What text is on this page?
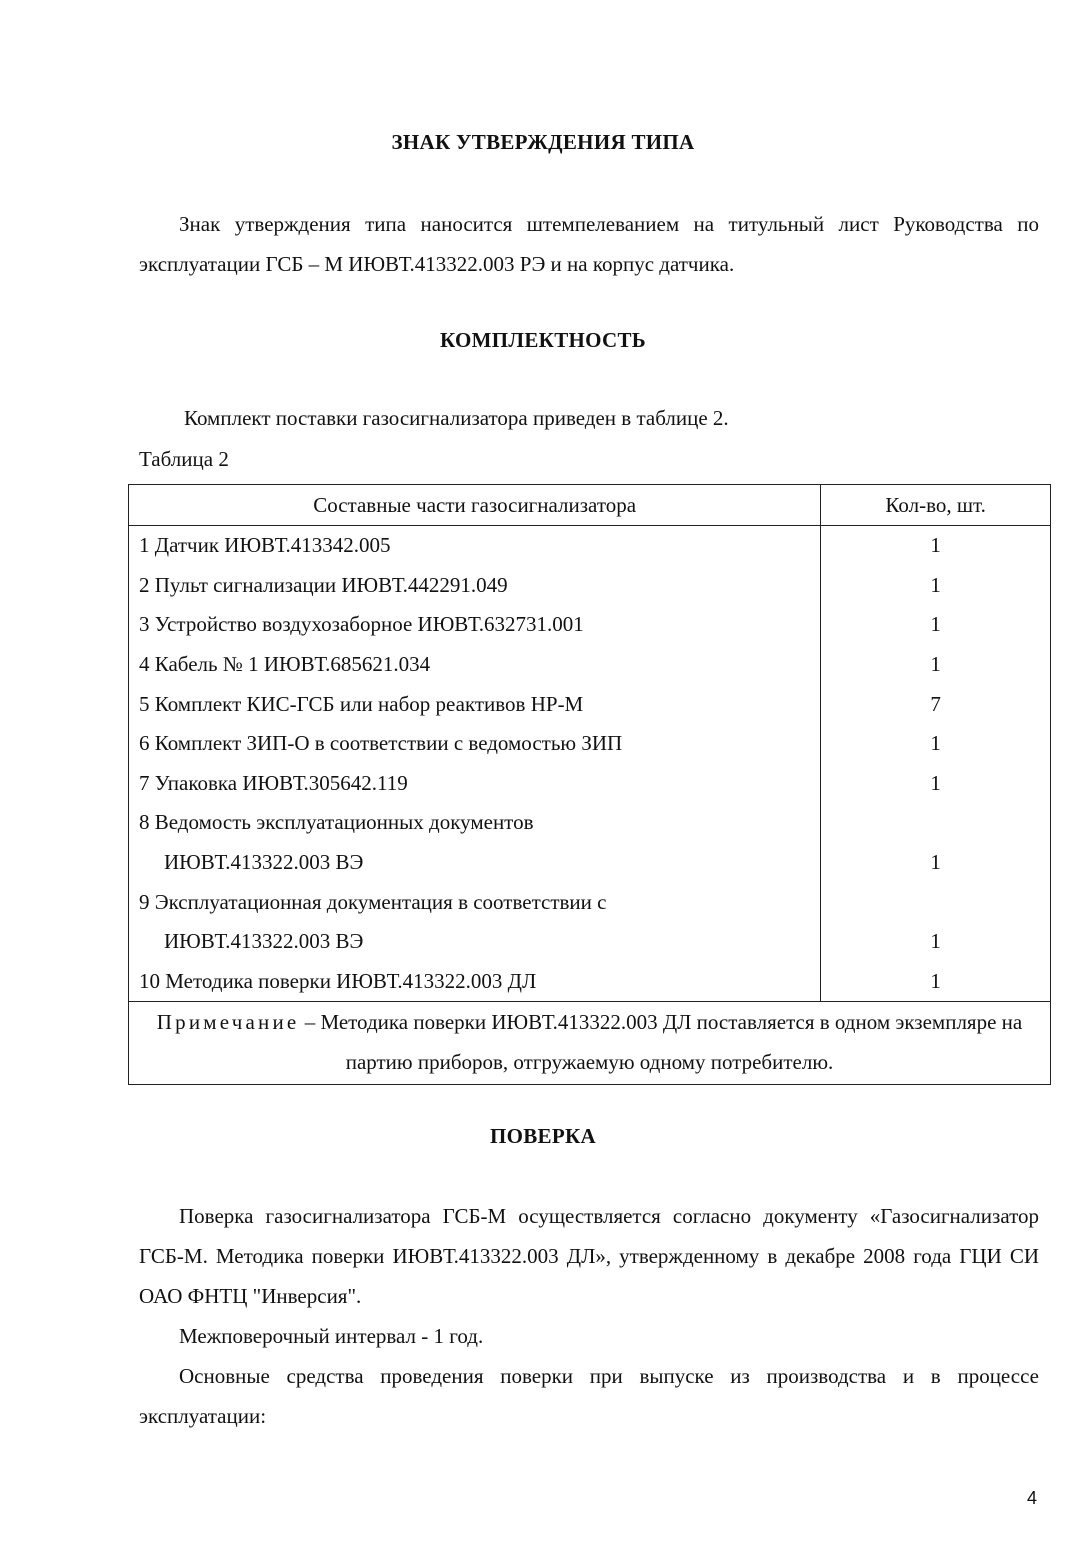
ЗНАК УТВЕРЖДЕНИЯ ТИПА
Знак утверждения типа наносится штемпелеванием на титульный лист Руководства по эксплуатации ГСБ – М ИЮВТ.413322.003 РЭ и на корпус датчика.
КОМПЛЕКТНОСТЬ
Комплект поставки газосигнализатора приведен в таблице 2.
Таблица 2
Составные части газосигнализатора	Кол-во, шт.
1 Датчик ИЮВТ.413342.005	1
2 Пульт сигнализации ИЮВТ.442291.049	1
3 Устройство воздухозаборное ИЮВТ.632731.001	1
4 Кабель № 1 ИЮВТ.685621.034	1
5 Комплект КИС-ГСБ или набор реактивов НР-М	7
6 Комплект ЗИП-О в соответствии с ведомостью ЗИП	1
7 Упаковка ИЮВТ.305642.119	1
8 Ведомость эксплуатационных документов	
ИЮВТ.413322.003 ВЭ	1
9 Эксплуатационная документация в соответствии с	
ИЮВТ.413322.003 ВЭ	1
10 Методика поверки ИЮВТ.413322.003 ДЛ	1
Примечание – Методика поверки ИЮВТ.413322.003 ДЛ поставляется в одном экземпляре на партию приборов, отгружаемую одному потребителю.	
ПОВЕРКА
Поверка газосигнализатора ГСБ-М осуществляется согласно документу «Газосигнализатор ГСБ-М. Методика поверки ИЮВТ.413322.003 ДЛ», утвержденному в декабре 2008 года ГЦИ СИ ОАО ФНТЦ "Инверсия".
Межповерочный интервал - 1 год.
Основные средства проведения поверки при выпуске из производства и в процессе эксплуатации:
4
